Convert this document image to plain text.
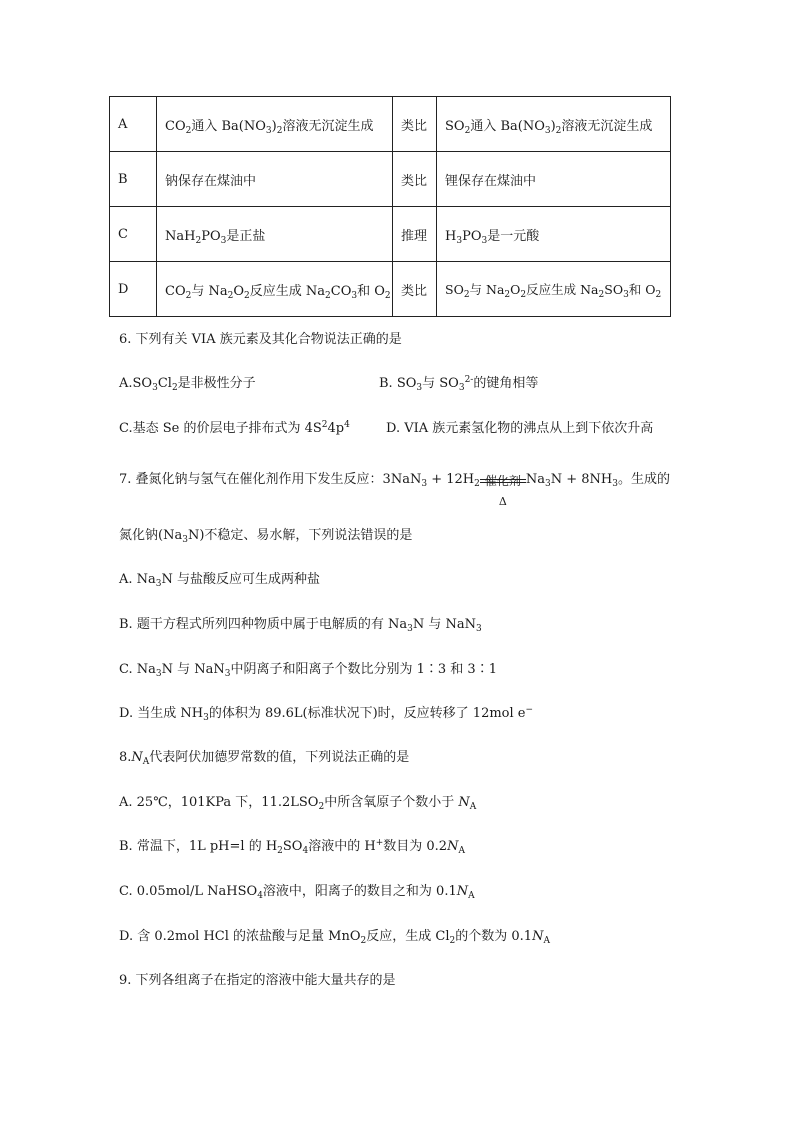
A	$CO_2$通入 $Ba(NO_3)_2$溶液无沉淀生成	类比	$SO_2$通入 $Ba(NO_3)_2$溶液无沉淀生成
B	钠保存在煤油中	类比	锂保存在煤油中
C	$NaH_2PO_3$是正盐	推理	$H_3PO_3$是一元酸
D	$CO_2$与 $Na_2O_2$反应生成 $Na_2CO_3$和 $O_2$	类比	$SO_2$与 $Na_2O_2$反应生成 $Na_2SO_3$和 $O_2$
6. 下列有关 VIA 族元素及其化合物说法正确的是
$A.SO_3Cl_2$是非极性分子	B. $SO_3$与 $SO_3^{2-}$的键角相等
C.基态 Se 的价层电子排布式为 $4S^24p^4$	D. VIA 族元素氢化物的沸点从上到下依次升高
7. 叠氮化钠与氢气在催化剂作用下发生反应：$3NaN_3 + 12H_2$ 催化剂
Δ
$Na_3N + 8NH_3$。生成的
氮化钠$(Na_3N)$不稳定、易水解，下列说法错误的是
A. $Na_3N$ 与盐酸反应可生成两种盐
B. 题干方程式所列四种物质中属于电解质的有 $Na_3N$ 与 NaN$_3$
C. $Na_3N$ 与 NaN$_3$中阴离子和阳离子个数比分别为 1∶3 和 3∶1
D. 当生成 $NH_3$的体积为 89.6L(标准状况下)时，反应转移了 12mol e−
$8.N_A$代表阿伏加德罗常数的值，下列说法正确的是
A. 25℃，101KPa 下，$11.2LSO_2$中所含氧原子个数小于 $N_A$
B. 常温下，1L pH=l 的 $H_2SO_4$溶液中的 H+数目为 $0.2N_A$
C. 0.05mol/L NaHSO$_4$溶液中，阳离子的数目之和为 $0.1N_A$
D. 含 0.2mol HCl 的浓盐酸与足量 MnO$_2$反应，生成 $Cl_2$的个数为 $0.1N_A$
9. 下列各组离子在指定的溶液中能大量共存的是
